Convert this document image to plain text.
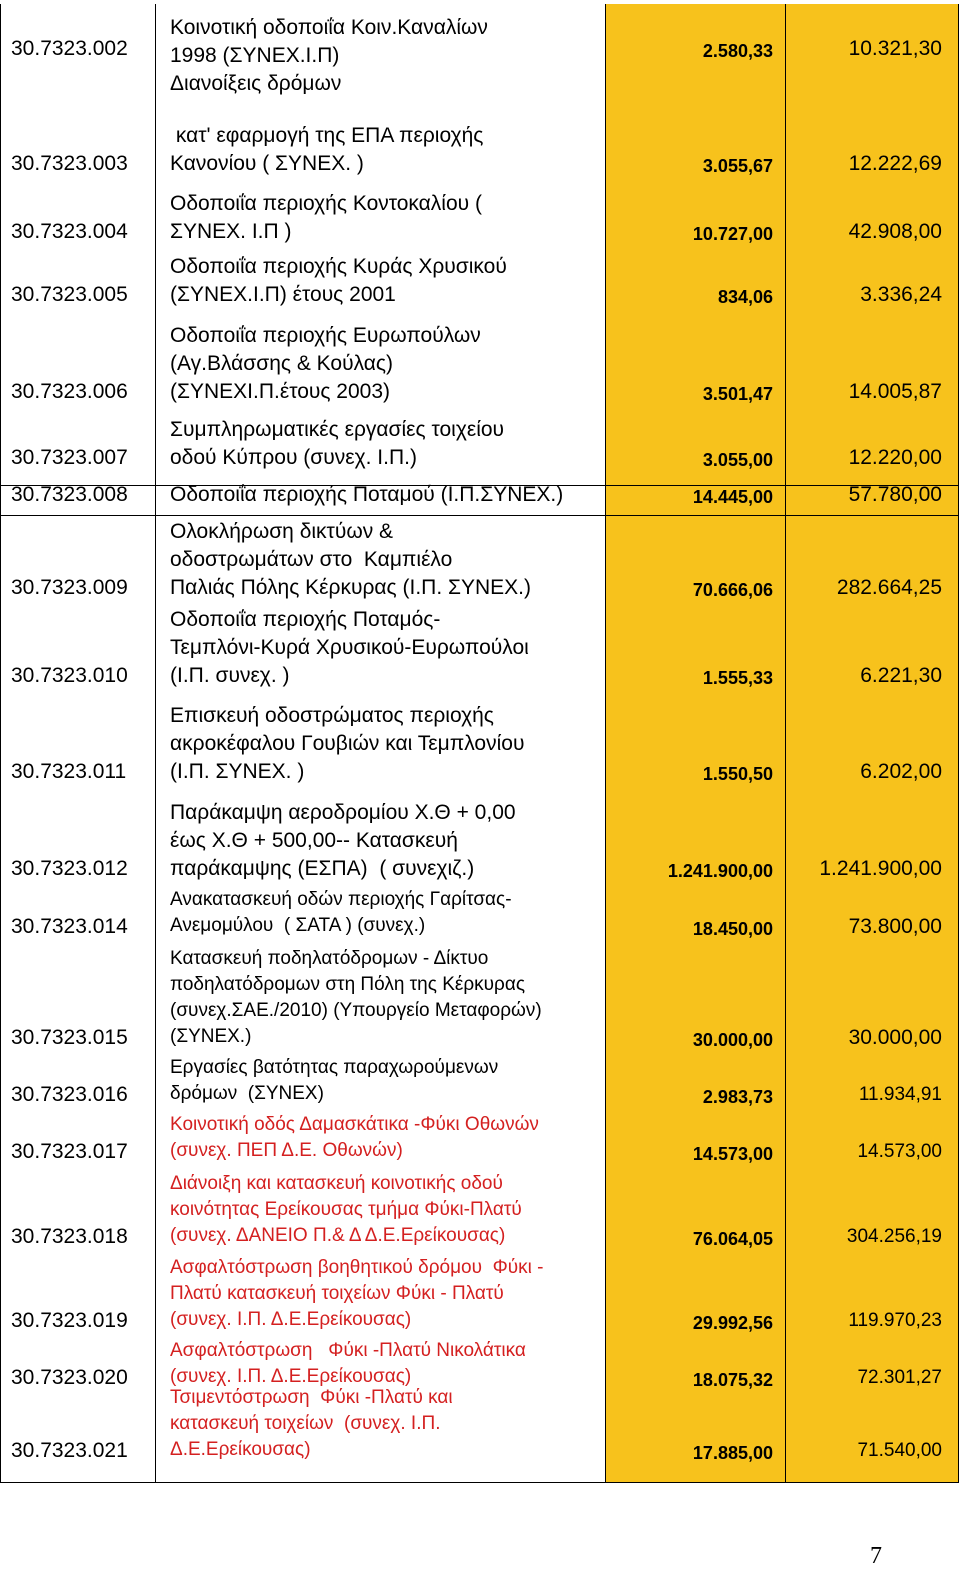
30.7323.002
Κοινοτική οδοποιΐα Κοιν.Καναλίων
1998 (ΣΥΝΕΧ.Ι.Π)
Διανοίξεις δρόμων
2.580,33	10.321,30
30.7323.003
κατ' εφαρμογή της ΕΠΑ περιοχής
Κανονίου ( ΣΥΝΕΧ. )	3.055,67	12.222,69
30.7323.004
Οδοποιΐα περιοχής Κοντοκαλίου (
ΣΥΝΕΧ. Ι.Π )	10.727,00	42.908,00
30.7323.005
Οδοποιΐα περιοχής Κυράς Χρυσικού
(ΣΥΝΕΧ.Ι.Π) έτους 2001	834,06	3.336,24
30.7323.006
Οδοποιΐα περιοχής Ευρωπούλων
(Αγ.Βλάσσης & Κούλας)
(ΣΥΝΕΧΙ.Π.έτους 2003)	3.501,47	14.005,87
30.7323.007
Συμπληρωματικές εργασίες τοιχείου
οδού Κύπρου (συνεχ. Ι.Π.)	3.055,00	12.220,00
30.7323.008	Οδοποιΐα περιοχής Ποταμού (Ι.Π.ΣΥΝΕΧ.)	14.445,00	57.780,00
30.7323.009
Ολοκλήρωση δικτύων &
οδοστρωμάτων στο  Καμπιέλο
Παλιάς Πόλης Κέρκυρας (Ι.Π. ΣΥΝΕΧ.)	70.666,06	282.664,25
30.7323.010
Οδοποιΐα περιοχής Ποταμός-
Τεμπλόνι-Κυρά Χρυσικού-Ευρωπούλοι
(Ι.Π. συνεχ. )	1.555,33	6.221,30
30.7323.011
Επισκευή οδοστρώματος περιοχής
ακροκέφαλου Γουβιών και Τεμπλονίου
(Ι.Π. ΣΥΝΕΧ. )	1.550,50	6.202,00
30.7323.012
Παράκαμψη αεροδρομίου Χ.Θ + 0,00
έως Χ.Θ + 500,00-- Κατασκευή
παράκαμψης (ΕΣΠΑ)  ( συνεχιζ.)	1.241.900,00 1.241.900,00
30.7323.014
Ανακατασκευή οδών περιοχής Γαρίτσας-
Ανεμομύλου  ( ΣΑΤΑ ) (συνεχ.)	18.450,00	73.800,00
30.7323.015
Κατασκευή ποδηλατόδρομων - Δίκτυο
ποδηλατόδρομων στη Πόλη της Κέρκυρας
(συνεχ.ΣΑΕ./2010) (Υπουργείο Μεταφορών)
(ΣΥΝΕΧ.)	30.000,00	30.000,00
30.7323.016
Εργασίες βατότητας παραχωρούμενων
δρόμων  (ΣΥΝΕΧ)	2.983,73	11.934,91
30.7323.017
Κοινοτική οδός Δαμασκάτικα -Φύκι Οθωνών
(συνεχ. ΠΕΠ Δ.Ε. Οθωνών)	14.573,00	14.573,00
30.7323.018
Διάνοιξη και κατασκευή κοινοτικής οδού
κοινότητας Ερείκουσας τμήμα Φύκι-Πλατύ
(συνεχ. ΔΑΝΕΙΟ Π.& Δ Δ.Ε.Ερείκουσας)	76.064,05	304.256,19
30.7323.019
Ασφαλτόστρωση βοηθητικού δρόμου  Φύκι -
Πλατύ κατασκευή τοιχείων Φύκι - Πλατύ
(συνεχ. Ι.Π. Δ.Ε.Ερείκουσας)	29.992,56	119.970,23
30.7323.020
Ασφαλτόστρωση   Φύκι -Πλατύ Νικολάτικα
(συνεχ. Ι.Π. Δ.Ε.Ερείκουσας)	18.075,32	72.301,27
30.7323.021
Τσιμεντόστρωση  Φύκι -Πλατύ και
κατασκευή τοιχείων  (συνεχ. Ι.Π.
Δ.Ε.Ερείκουσας)	17.885,00	71.540,00
7
